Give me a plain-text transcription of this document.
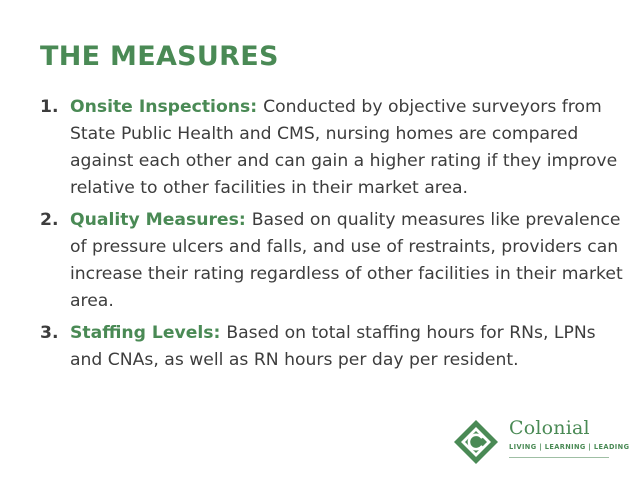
THE MEASURES
1. Onsite Inspections: Conducted by objective surveyors from State Public Health and CMS, nursing homes are compared against each other and can gain a higher rating if they improve relative to other facilities in their market area.
2. Quality Measures: Based on quality measures like prevalence of pressure ulcers and falls, and use of restraints, providers can increase their rating regardless of other facilities in their market area.
3. Staffing Levels: Based on total staffing hours for RNs, LPNs and CNAs, as well as RN hours per day per resident.
Colonial
LIVING | LEARNING | LEADING
